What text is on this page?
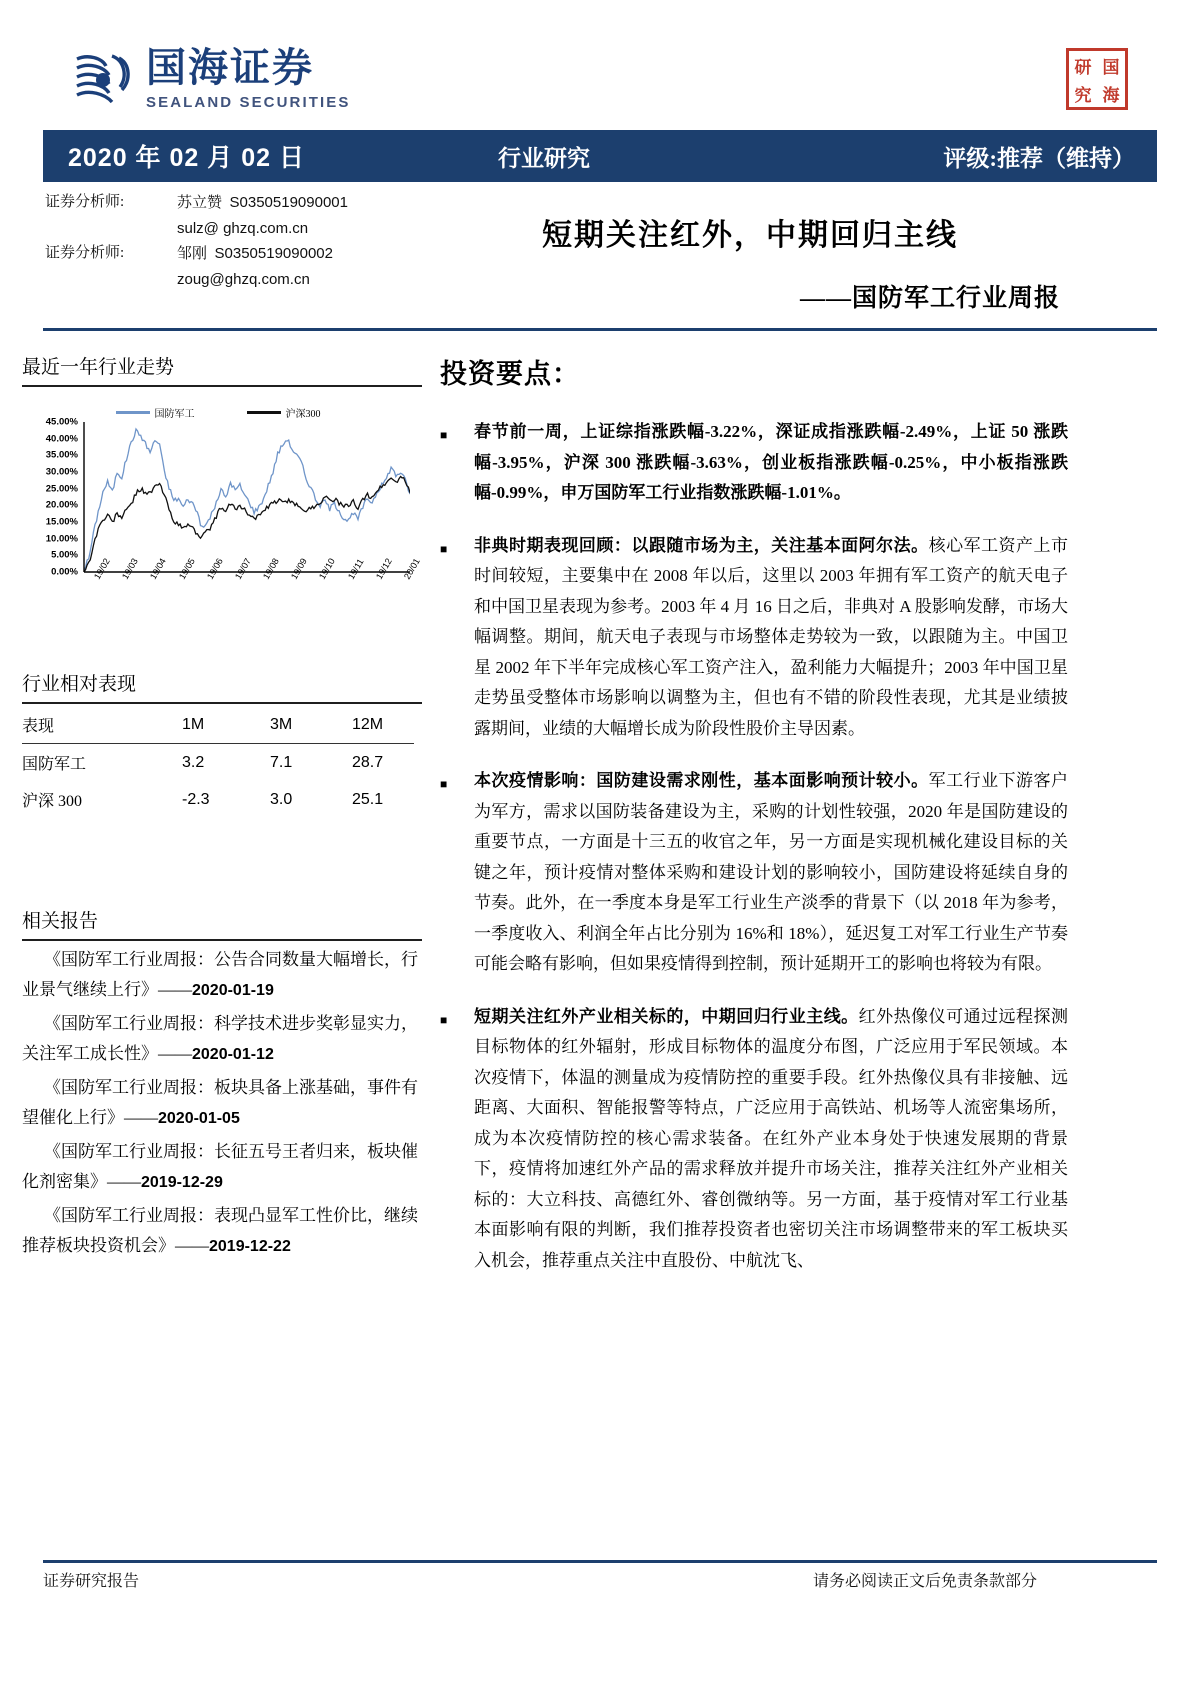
国海证券
SEALAND SECURITIES
研 国
究 海
2020 年 02 月 02 日	行业研究	评级:推荐（维持）
证券分析师:	苏立赞 S0350519090001
sulz@ ghzq.com.cn
证券分析师:	邹刚 S0350519090002
zoug@ghzq.com.cn
短期关注红外，中期回归主线
——国防军工行业周报
最近一年行业走势
国防军工	沪深300
0.00%
5.00%
10.00%
15.00%
20.00%
25.00%
30.00%
35.00%
40.00%
45.00%
19/02 19/03 19/04 19/05 19/06 19/07 19/08 19/09 19/10 19/11 19/12 20/01
行业相对表现
表现	1M	3M	12M
国防军工	3.2	7.1	28.7
沪深 300	-2.3	3.0	25.1
相关报告
《国防军工行业周报：公告合同数量大幅增长，行业景气继续上行》——2020-01-19
《国防军工行业周报：科学技术进步奖彰显实力，关注军工成长性》——2020-01-12
《国防军工行业周报：板块具备上涨基础，事件有望催化上行》——2020-01-05
《国防军工行业周报：长征五号王者归来，板块催化剂密集》——2019-12-29
《国防军工行业周报：表现凸显军工性价比，继续推荐板块投资机会》——2019-12-22
投资要点：
■	春节前一周，上证综指涨跌幅-3.22%，深证成指涨跌幅-2.49%，上证 50 涨跌幅-3.95%，沪深 300 涨跌幅-3.63%，创业板指涨跌幅-0.25%，中小板指涨跌幅-0.99%，申万国防军工行业指数涨跌幅-1.01%。
■	非典时期表现回顾：以跟随市场为主，关注基本面阿尔法。核心军工资产上市时间较短，主要集中在 2008 年以后，这里以 2003 年拥有军工资产的航天电子和中国卫星表现为参考。2003 年 4 月 16 日之后，非典对 A 股影响发酵，市场大幅调整。期间，航天电子表现与市场整体走势较为一致，以跟随为主。中国卫星 2002 年下半年完成核心军工资产注入，盈利能力大幅提升；2003 年中国卫星走势虽受整体市场影响以调整为主，但也有不错的阶段性表现，尤其是业绩披露期间，业绩的大幅增长成为阶段性股价主导因素。
■	本次疫情影响：国防建设需求刚性，基本面影响预计较小。军工行业下游客户为军方，需求以国防装备建设为主，采购的计划性较强，2020 年是国防建设的重要节点，一方面是十三五的收官之年，另一方面是实现机械化建设目标的关键之年，预计疫情对整体采购和建设计划的影响较小，国防建设将延续自身的节奏。此外，在一季度本身是军工行业生产淡季的背景下（以 2018 年为参考，一季度收入、利润全年占比分别为 16%和 18%），延迟复工对军工行业生产节奏可能会略有影响，但如果疫情得到控制，预计延期开工的影响也将较为有限。
■	短期关注红外产业相关标的，中期回归行业主线。红外热像仪可通过远程探测目标物体的红外辐射，形成目标物体的温度分布图，广泛应用于军民领域。本次疫情下，体温的测量成为疫情防控的重要手段。红外热像仪具有非接触、远距离、大面积、智能报警等特点，广泛应用于高铁站、机场等人流密集场所，成为本次疫情防控的核心需求装备。在红外产业本身处于快速发展期的背景下，疫情将加速红外产品的需求释放并提升市场关注，推荐关注红外产业相关标的：大立科技、高德红外、睿创微纳等。另一方面，基于疫情对军工行业基本面影响有限的判断，我们推荐投资者也密切关注市场调整带来的军工板块买入机会，推荐重点关注中直股份、中航沈飞、
证券研究报告	请务必阅读正文后免责条款部分
